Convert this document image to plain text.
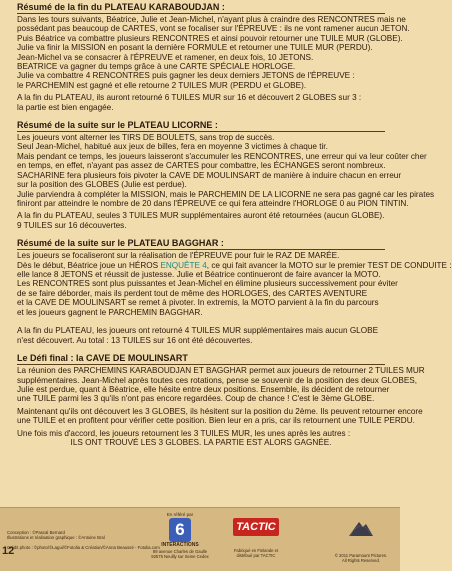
Résumé de la fin du PLATEAU KARABOUDJAN :
Dans les tours suivants, Béatrice, Julie et Jean-Michel, n'ayant plus à craindre des RENCONTRES mais ne
possédant pas beaucoup de CARTES, vont se focaliser sur l'ÉPREUVE : ils ne vont ramener aucun JETON.
Puis Béatrice va combattre plusieurs RENCONTRES et ainsi pouvoir retourner une TUILE MUR (GLOBE).
Julie va finir la MISSION en posant la dernière FORMULE et retourner une TUILE MUR (PERDU).
Jean-Michel va se consacrer à l'ÉPREUVE et ramener, en deux fois, 10 JETONS.
BEATRICE va gagner du temps grâce à une CARTE SPÉCIALE HORLOGE.
Julie va combattre 4 RENCONTRES puis gagner les deux derniers JETONS de l'ÉPREUVE :
le PARCHEMIN est gagné et elle retourne 2 TUILES MUR (PERDU et GLOBE).

A la fin du PLATEAU, ils auront retourné 6 TUILES MUR sur 16 et découvert 2 GLOBES sur 3 :
la partie est bien engagée.
Résumé de la suite sur le PLATEAU LICORNE :
Les joueurs vont alterner les TIRS DE BOULETS, sans trop de succès.
Seul Jean-Michel, habitué aux jeux de billes, fera en moyenne 3 victimes à chaque tir.
Mais pendant ce temps, les joueurs laisseront s'accumuler les RENCONTRES, une erreur qui va leur coûter cher
en temps, en effet, n'ayant pas assez de CARTES pour combattre, les ÉCHANGES seront nombreux.
SACHARINE fera plusieurs fois pivoter la CAVE DE MOULINSART de manière à induire chacun en erreur
sur la position des GLOBES (Julie est perdue).
Julie parviendra à compléter la MISSION, mais le PARCHEMIN DE LA LICORNE ne sera pas gagné car les pirates
finiront par atteindre le nombre de 20 dans l'ÉPREUVE ce qui fera atteindre l'HORLOGE 0 au PION TINTIN.

A la fin du PLATEAU, seules 3 TUILES MUR supplémentaires auront été retournées (aucun GLOBE).
9 TUILES sur 16 découvertes.
Résumé de la suite sur le PLATEAU BAGGHAR :
Les joueurs se focaliseront sur la réalisation de l'ÉPREUVE pour fuir le RAZ DE MARÉE.
Dès le début, Béatrice joue un HÉROS ENQUÊTE 4, ce qui fait avancer la MOTO sur le premier TEST DE CONDUITE :
elle lance 8 JETONS et réussit de justesse. Julie et Béatrice continueront de faire avancer la MOTO.
Les RENCONTRES sont plus puissantes et Jean-Michel en élimine plusieurs successivement pour éviter
de se faire déborder, mais ils perdent tout de même des HORLOGES, des CARTES AVENTURE
et la CAVE DE MOULINSART se remet à pivoter. In extremis, la MOTO parvient à la fin du parcours
et les joueurs gagnent le PARCHEMIN BAGGHAR.

A la fin du PLATEAU, les joueurs ont retourné 4 TUILES MUR supplémentaires mais aucun GLOBE
n'est découvert. Au total : 13 TUILES sur 16 ont été découvertes.
Le Défi final : la CAVE DE MOULINSART
La réunion des PARCHEMINS KARABOUDJAN ET BAGGHAR permet aux joueurs de retourner 2 TUILES MUR
supplémentaires. Jean-Michel après toutes ces rotations, pense se souvenir de la position des deux GLOBES,
Julie est perdue, quant à Béatrice, elle hésite entre deux positions. Ensemble, ils décident de retourner
une TUILE parmi les 3 qu'ils n'ont pas encore regardées. Coup de chance ! C'est le 3ème GLOBE.
Maintenant qu'ils ont découvert les 3 GLOBES, ils hésitent sur la position du 2ème. Ils peuvent retourner encore
une TUILE et en profitent pour vérifier cette position. Bien leur en a pris, car ils retournent une TUILE PERDU.
Une fois mis d'accord, les joueurs retournent les 3 TUILES MUR, les unes après les autres :
ILS ONT TROUVÉ LES 3 GLOBES. LA PARTIE EST ALORS GAGNÉE.
Conception : ©Pascal Bernard
Illustrations et réalisation graphique : ©Antoine Bral

Crédit photo : ©photo/©Lagui/©Fotolia & Création/©Anna Beaussé - Fotolia.com
12
En référé par
6
INTERACTIONS
89 avenue Charles de Gaulle 92575 Neuilly sur Seine Cedex
TACTIC
Fabriqué en Finlande et distribué par TACTIC	© 2011 Paramount Pictures. All Rights Reserved.
